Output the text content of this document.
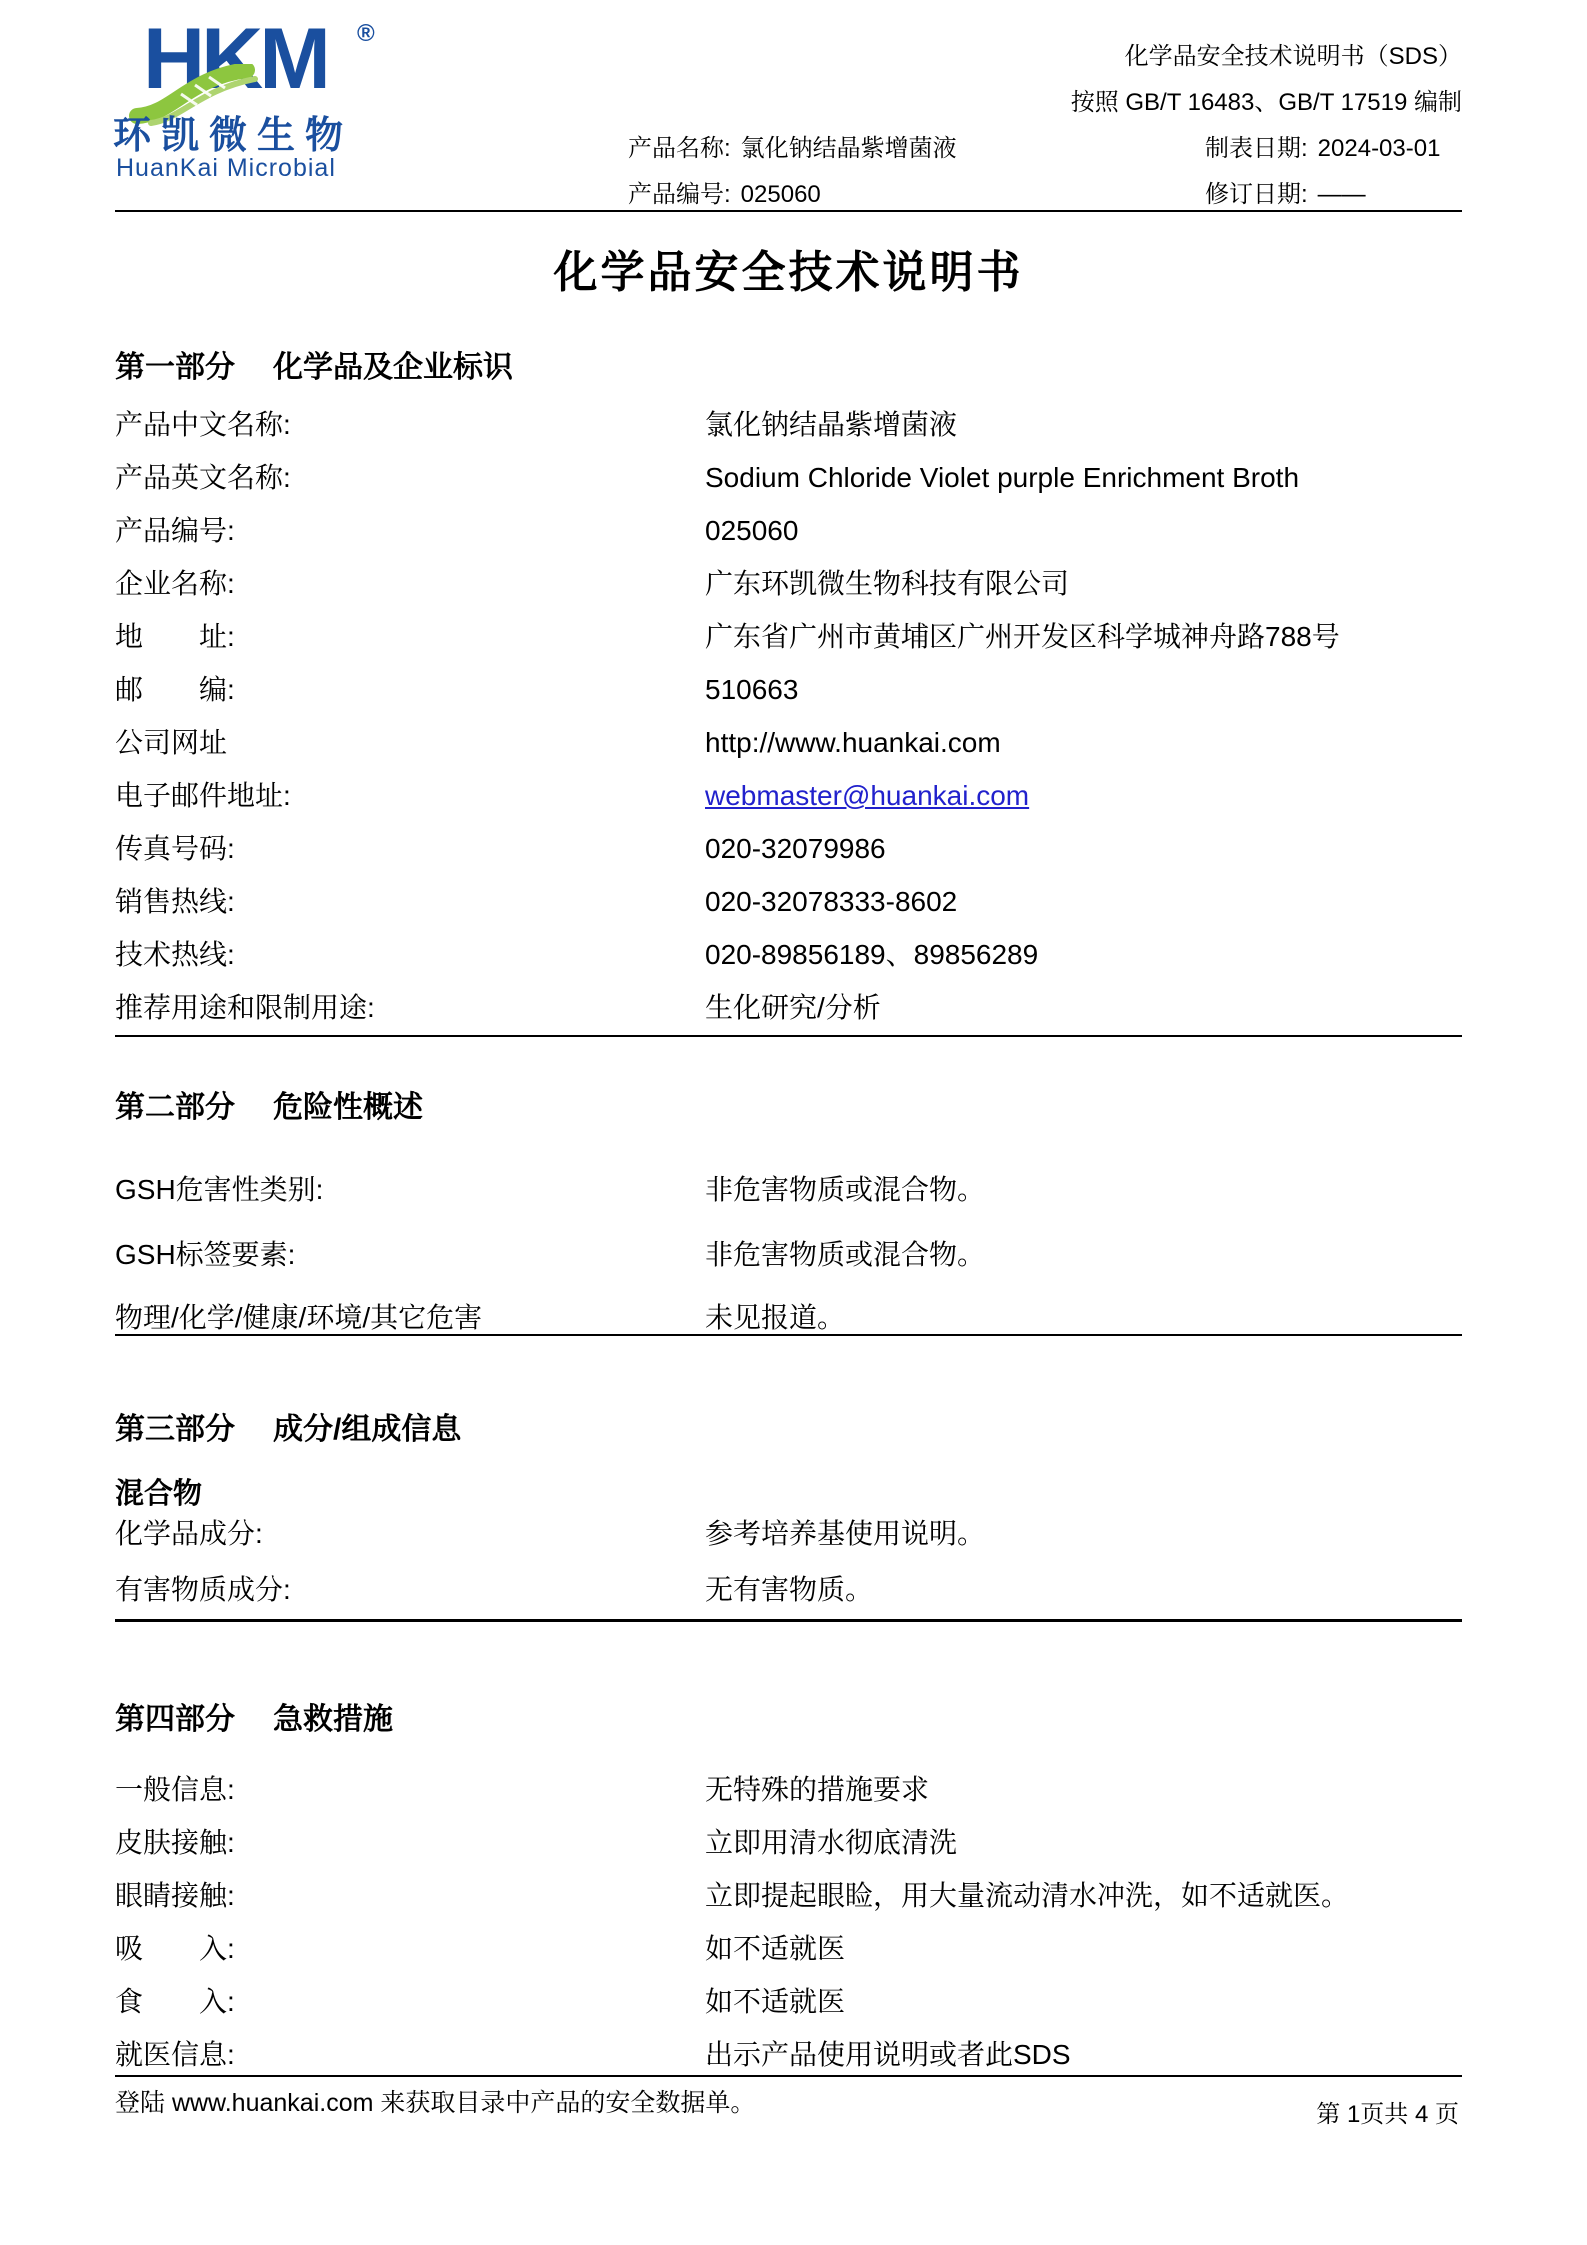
HKM ®
环凯微生物
HuanKai Microbial
化学品安全技术说明书（SDS）
按照 GB/T 16483、GB/T 17519 编制
产品名称: 氯化钠结晶紫增菌液	制表日期: 2024-03-01
产品编号: 025060	修订日期: ——
化学品安全技术说明书
第一部分 化学品及企业标识
产品中文名称:	氯化钠结晶紫增菌液
产品英文名称:	Sodium Chloride Violet purple Enrichment Broth
产品编号:	025060
企业名称:	广东环凯微生物科技有限公司
地　　址:	广东省广州市黄埔区广州开发区科学城神舟路788号
邮　　编:	510663
公司网址	http://www.huankai.com
电子邮件地址:	webmaster@huankai.com
传真号码:	020-32079986
销售热线:	020-32078333-8602
技术热线:	020-89856189、89856289
推荐用途和限制用途:	生化研究/分析
第二部分 危险性概述
GSH危害性类别:	非危害物质或混合物。
GSH标签要素:	非危害物质或混合物。
物理/化学/健康/环境/其它危害	未见报道。
第三部分 成分/组成信息
混合物
化学品成分:	参考培养基使用说明。
有害物质成分:	无有害物质。
第四部分 急救措施
一般信息:	无特殊的措施要求
皮肤接触:	立即用清水彻底清洗
眼睛接触:	立即提起眼睑，用大量流动清水冲洗，如不适就医。
吸　　入:	如不适就医
食　　入:	如不适就医
就医信息:	出示产品使用说明或者此SDS
登陆 www.huankai.com 来获取目录中产品的安全数据单。	第 1页共 4 页
